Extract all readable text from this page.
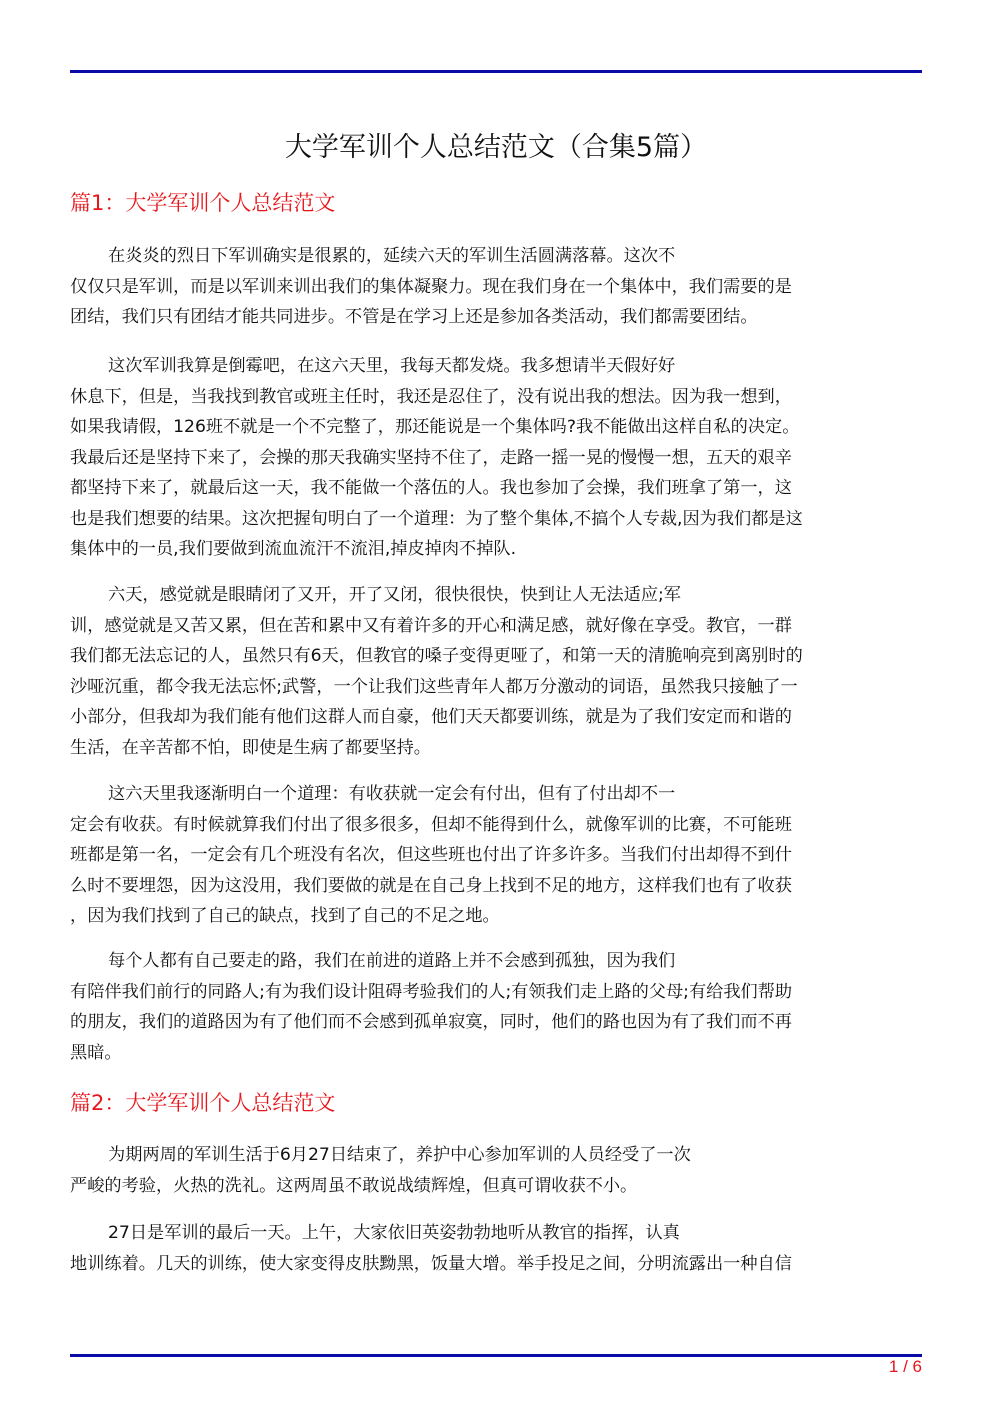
大学军训个人总结范文（合集5篇）
篇1：大学军训个人总结范文
在炎炎的烈日下军训确实是很累的，延续六天的军训生活圆满落幕。这次不
仅仅只是军训，而是以军训来训出我们的集体凝聚力。现在我们身在一个集体中，我们需要的是
团结，我们只有团结才能共同进步。不管是在学习上还是参加各类活动，我们都需要团结。
这次军训我算是倒霉吧，在这六天里，我每天都发烧。我多想请半天假好好
休息下，但是，当我找到教官或班主任时，我还是忍住了，没有说出我的想法。因为我一想到，
如果我请假，126班不就是一个不完整了，那还能说是一个集体吗?我不能做出这样自私的决定。
我最后还是坚持下来了，会操的那天我确实坚持不住了，走路一摇一晃的慢慢一想，五天的艰辛
都坚持下来了，就最后这一天，我不能做一个落伍的人。我也参加了会操，我们班拿了第一，这
也是我们想要的结果。这次把握旬明白了一个道理：为了整个集体,不搞个人专裁,因为我们都是这
集体中的一员,我们要做到流血流汗不流泪,掉皮掉肉不掉队.
六天，感觉就是眼睛闭了又开，开了又闭，很快很快，快到让人无法适应;军
训，感觉就是又苦又累，但在苦和累中又有着许多的开心和满足感，就好像在享受。教官，一群
我们都无法忘记的人，虽然只有6天，但教官的嗓子变得更哑了，和第一天的清脆响亮到离别时的
沙哑沉重，都令我无法忘怀;武警，一个让我们这些青年人都万分激动的词语，虽然我只接触了一
小部分，但我却为我们能有他们这群人而自豪，他们天天都要训练，就是为了我们安定而和谐的
生活，在辛苦都不怕，即使是生病了都要坚持。
这六天里我逐渐明白一个道理：有收获就一定会有付出，但有了付出却不一
定会有收获。有时候就算我们付出了很多很多，但却不能得到什么，就像军训的比赛，不可能班
班都是第一名，一定会有几个班没有名次，但这些班也付出了许多许多。当我们付出却得不到什
么时不要埋怨，因为这没用，我们要做的就是在自己身上找到不足的地方，这样我们也有了收获
，因为我们找到了自己的缺点，找到了自己的不足之地。
每个人都有自己要走的路，我们在前进的道路上并不会感到孤独，因为我们
有陪伴我们前行的同路人;有为我们设计阻碍考验我们的人;有领我们走上路的父母;有给我们帮助
的朋友，我们的道路因为有了他们而不会感到孤单寂寞，同时，他们的路也因为有了我们而不再
黑暗。
篇2：大学军训个人总结范文
为期两周的军训生活于6月27日结束了，养护中心参加军训的人员经受了一次
严峻的考验，火热的洗礼。这两周虽不敢说战绩辉煌，但真可谓收获不小。
27日是军训的最后一天。上午，大家依旧英姿勃勃地听从教官的指挥，认真
地训练着。几天的训练，使大家变得皮肤黝黑，饭量大增。举手投足之间，分明流露出一种自信
1 / 6
